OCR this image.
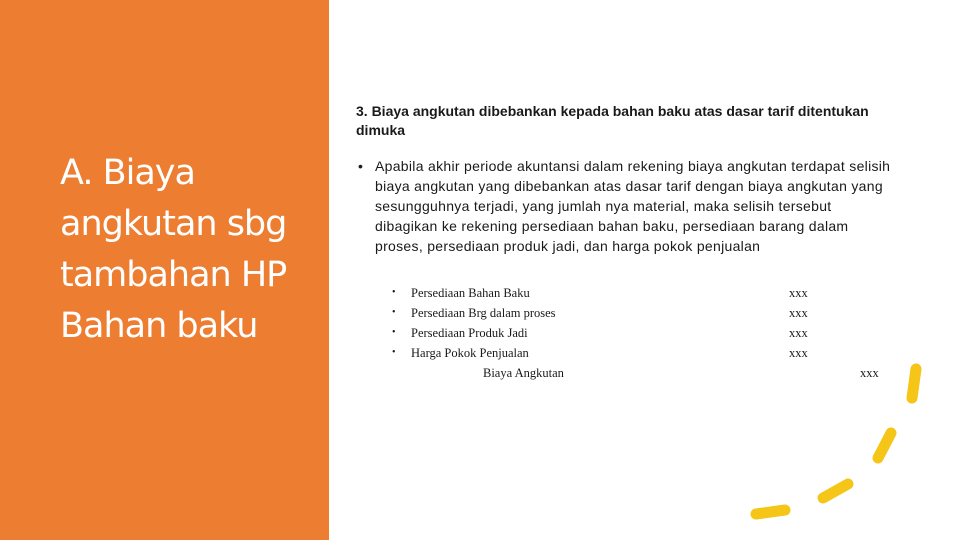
A. Biaya angkutan sbg tambahan HP Bahan baku

3. Biaya angkutan dibebankan kepada bahan baku atas dasar tarif ditentukan dimuka

• Apabila akhir periode akuntansi dalam rekening biaya angkutan terdapat selisih biaya angkutan yang dibebankan atas dasar tarif dengan biaya angkutan yang sesungguhnya terjadi, yang jumlah nya material, maka selisih tersebut dibagikan ke rekening persediaan bahan baku, persediaan barang dalam proses, persediaan produk jadi, dan harga pokok penjualan
• Persediaan Bahan Baku	xxx
• Persediaan Brg dalam proses	xxx
• Persediaan Produk Jadi	xxx
• Harga Pokok Penjualan	xxx
Biaya Angkutan	xxx
